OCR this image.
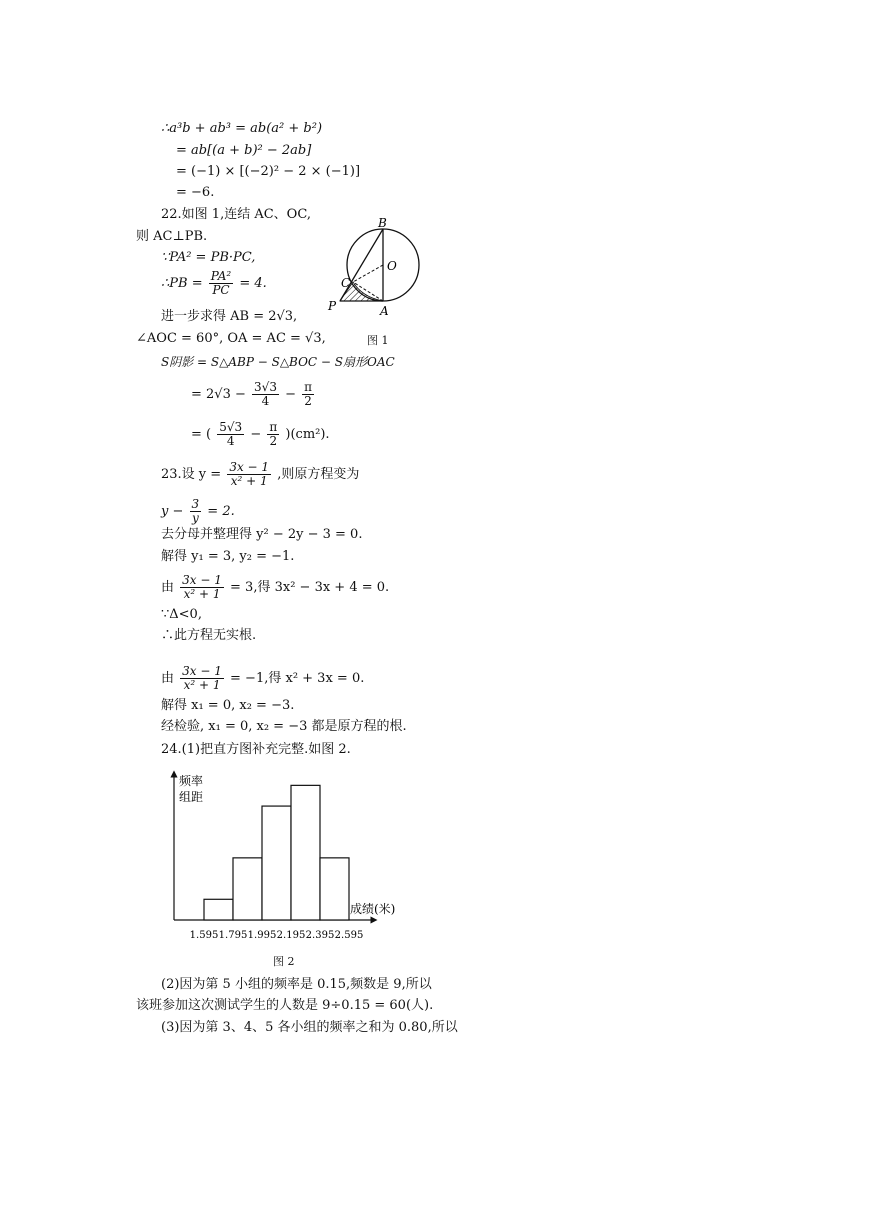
∴a³b + ab³ = ab(a² + b²)
= ab[(a + b)² − 2ab]
= (−1) × [(−2)² − 2 × (−1)]
= −6.
22.如图 1,连结 AC、OC,
则 AC⊥PB.
∵PA² = PB·PC,
∴PB = $\frac{\text{PA²}}{PC} = 4$.
进一步求得 AB = 2√3,
∠AOC = 60°, OA = AC = √3,
S阴影 = S△ABP − S△BOC − S扇形OAC
= $2√3 - \frac{3√3}{4} - \frac{\pi}{2}$
= ( $\frac{5√3}{4} - \frac{\pi}{2} )(cm^2)$.
B
O
C
P	A
图 1
23.设 $y = \frac{3x - 1}{\text{x² + 1}}$ ,则原方程变为
$y - \frac{3}{y} = 2$.
去分母并整理得 y² − 2y − 3 = 0.
解得 y₁ = 3, y₂ = −1.
由 $\frac{3x - 1}{\text{x² + 1}} = 3$,得 3x² − 3x + 4 = 0.
∵Δ<0,
∴此方程无实根.
由 $\frac{3x - 1}{\text{x² + 1}} = -1$,得 x² + 3x = 0.
解得 x₁ = 0, x₂ = −3.
经检验, x₁ = 0, x₂ = −3 都是原方程的根.
24.(1)把直方图补充完整.如图 2.
频率
组距
成绩(米)
1.595 1.795 1.995 2.195 2.395 2.595
图 2
(2)因为第 5 小组的频率是 0.15,频数是 9,所以
该班参加这次测试学生的人数是 9÷0.15 = 60(人).
(3)因为第 3、4、5 各小组的频率之和为 0.80,所以
